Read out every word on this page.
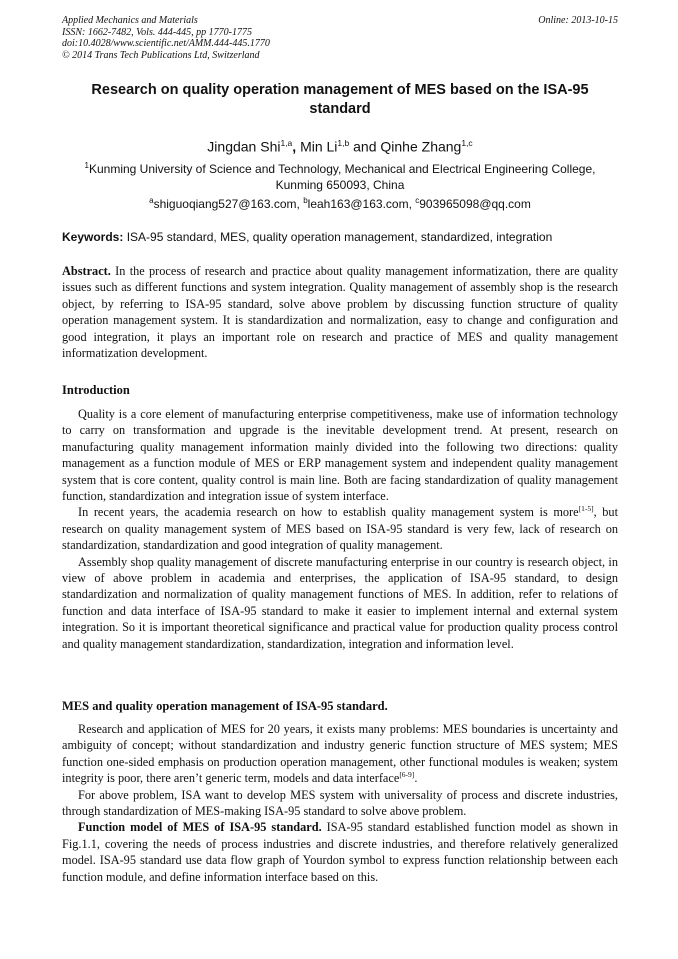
Applied Mechanics and Materials
ISSN: 1662-7482, Vols. 444-445, pp 1770-1775
doi:10.4028/www.scientific.net/AMM.444-445.1770
© 2014 Trans Tech Publications Ltd, Switzerland
Online: 2013-10-15
Research on quality operation management of MES based on the ISA-95
standard
Jingdan Shi$^{1,a}$, Min Li$^{1,b}$ and Qinhe Zhang$^{1,c}$
$^1$Kunming University of Science and Technology, Mechanical and Electrical Engineering College,
Kunming 650093, China
$^a$shiguoqiang527@163.com, $^b$leah163@163.com, $^c$903965098@qq.com
Keywords: ISA-95 standard, MES, quality operation management, standardized, integration

Abstract. In the process of research and practice about quality management informatization, there are quality issues such as different functions and system integration. Quality management of assembly shop is the research object, by referring to ISA-95 standard, solve above problem by discussing function structure of quality operation management system. It is standardization and normalization, easy to change and configuration and good integration, it plays an important role on research and practice of MES and quality management informatization development.

Introduction

Quality is a core element of manufacturing enterprise competitiveness, make use of information technology to carry on transformation and upgrade is the inevitable development trend. At present, research on manufacturing quality management information mainly divided into the following two directions: quality management as a function module of MES or ERP management system and independent quality management system that is core content, quality control is main line. Both are facing standardization of quality management function, standardization and integration issue of system interface.

In recent years, the academia research on how to establish quality management system is more[1-5], but research on quality management system of MES based on ISA-95 standard is very few, lack of research on standardization, standardization and good integration of quality management.

Assembly shop quality management of discrete manufacturing enterprise in our country is research object, in view of above problem in academia and enterprises, the application of ISA-95 standard, to design standardization and normalization of quality management functions of MES. In addition, refer to relations of function and data interface of ISA-95 standard to make it easier to implement internal and external system integration. So it is important theoretical significance and practical value for production quality process control and quality management standardization, standardization, integration and information level.

MES and quality operation management of ISA-95 standard.

Research and application of MES for 20 years, it exists many problems: MES boundaries is uncertainty and ambiguity of concept; without standardization and industry generic function structure of MES system; MES function one-sided emphasis on production operation management, other functional modules is weaken; system integrity is poor, there aren’t generic term, models and data interface[6-9].

For above problem, ISA want to develop MES system with universality of process and discrete industries, through standardization of MES-making ISA-95 standard to solve above problem.

Function model of MES of ISA-95 standard. ISA-95 standard established function model as shown in Fig.1.1, covering the needs of process industries and discrete industries, and therefore relatively generalized model. ISA-95 standard use data flow graph of Yourdon symbol to express function relationship between each function module, and define information interface based on this.
